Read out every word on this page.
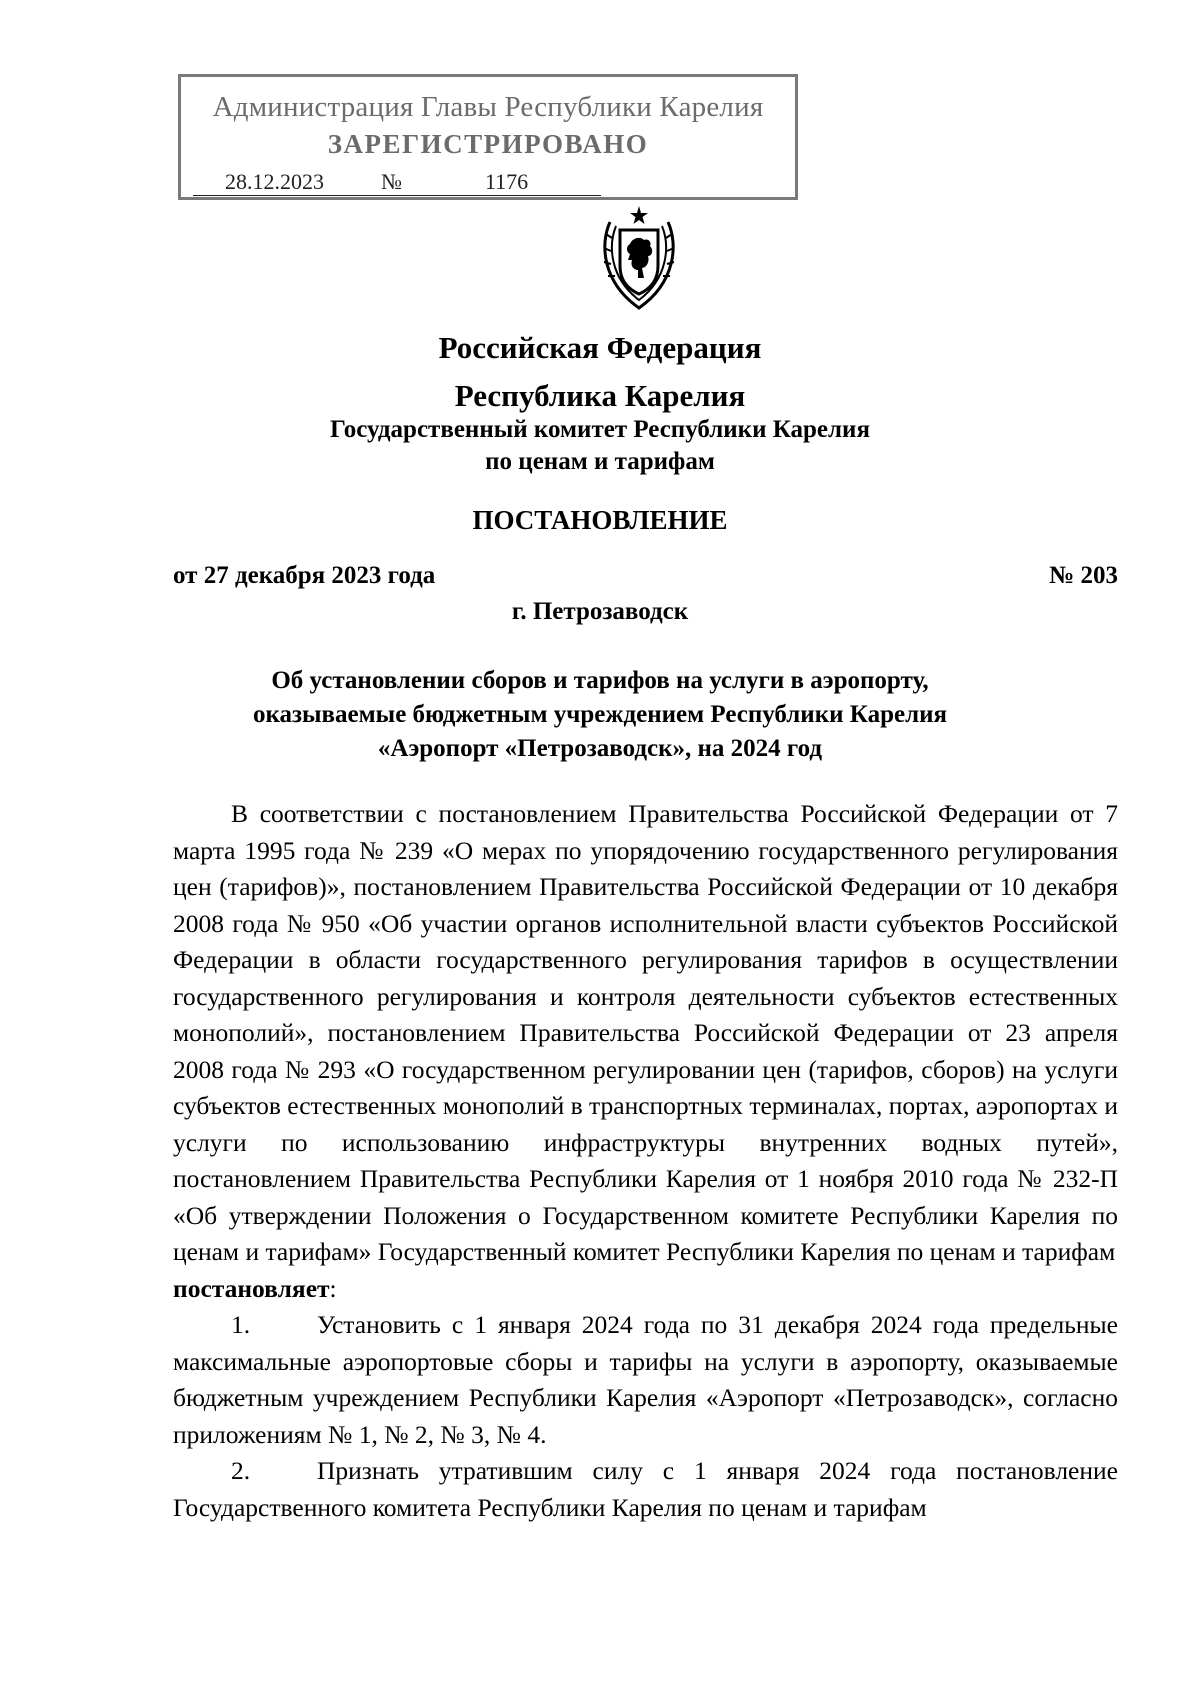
Администрация Главы Республики Карелия
ЗАРЕГИСТРИРОВАНО
28.12.2023	№	1176
Российская Федерация
Республика Карелия
Государственный комитет Республики Карелия
по ценам и тарифам
ПОСТАНОВЛЕНИЕ
от 27 декабря 2023 года	№ 203
г. Петрозаводск
Об установлении сборов и тарифов на услуги в аэропорту,
оказываемые бюджетным учреждением Республики Карелия
«Аэропорт «Петрозаводск», на 2024 год

В соответствии с постановлением Правительства Российской Федерации от 7 марта 1995 года № 239 «О мерах по упорядочению государственного регулирования цен (тарифов)», постановлением Правительства Российской Федерации от 10 декабря 2008 года № 950 «Об участии органов исполнительной власти субъектов Российской Федерации в области государственного регулирования тарифов в осуществлении государственного регулирования и контроля деятельности субъектов естественных монополий», постановлением Правительства Российской Федерации от 23 апреля 2008 года № 293 «О государственном регулировании цен (тарифов, сборов) на услуги субъектов естественных монополий в транспортных терминалах, портах, аэропортах и услуги по использованию инфраструктуры внутренних водных путей», постановлением Правительства Республики Карелия от 1 ноября 2010 года № 232-П «Об утверждении Положения о Государственном комитете Республики Карелия по ценам и тарифам» Государственный комитет Республики Карелия по ценам и тарифам

постановляет:

1.	Установить с 1 января 2024 года по 31 декабря 2024 года предельные максимальные аэропортовые сборы и тарифы на услуги в аэропорту, оказываемые бюджетным учреждением Республики Карелия «Аэропорт «Петрозаводск», согласно приложениям № 1, № 2, № 3, № 4.

2.	Признать утратившим силу с 1 января 2024 года постановление Государственного комитета Республики Карелия по ценам и тарифам
